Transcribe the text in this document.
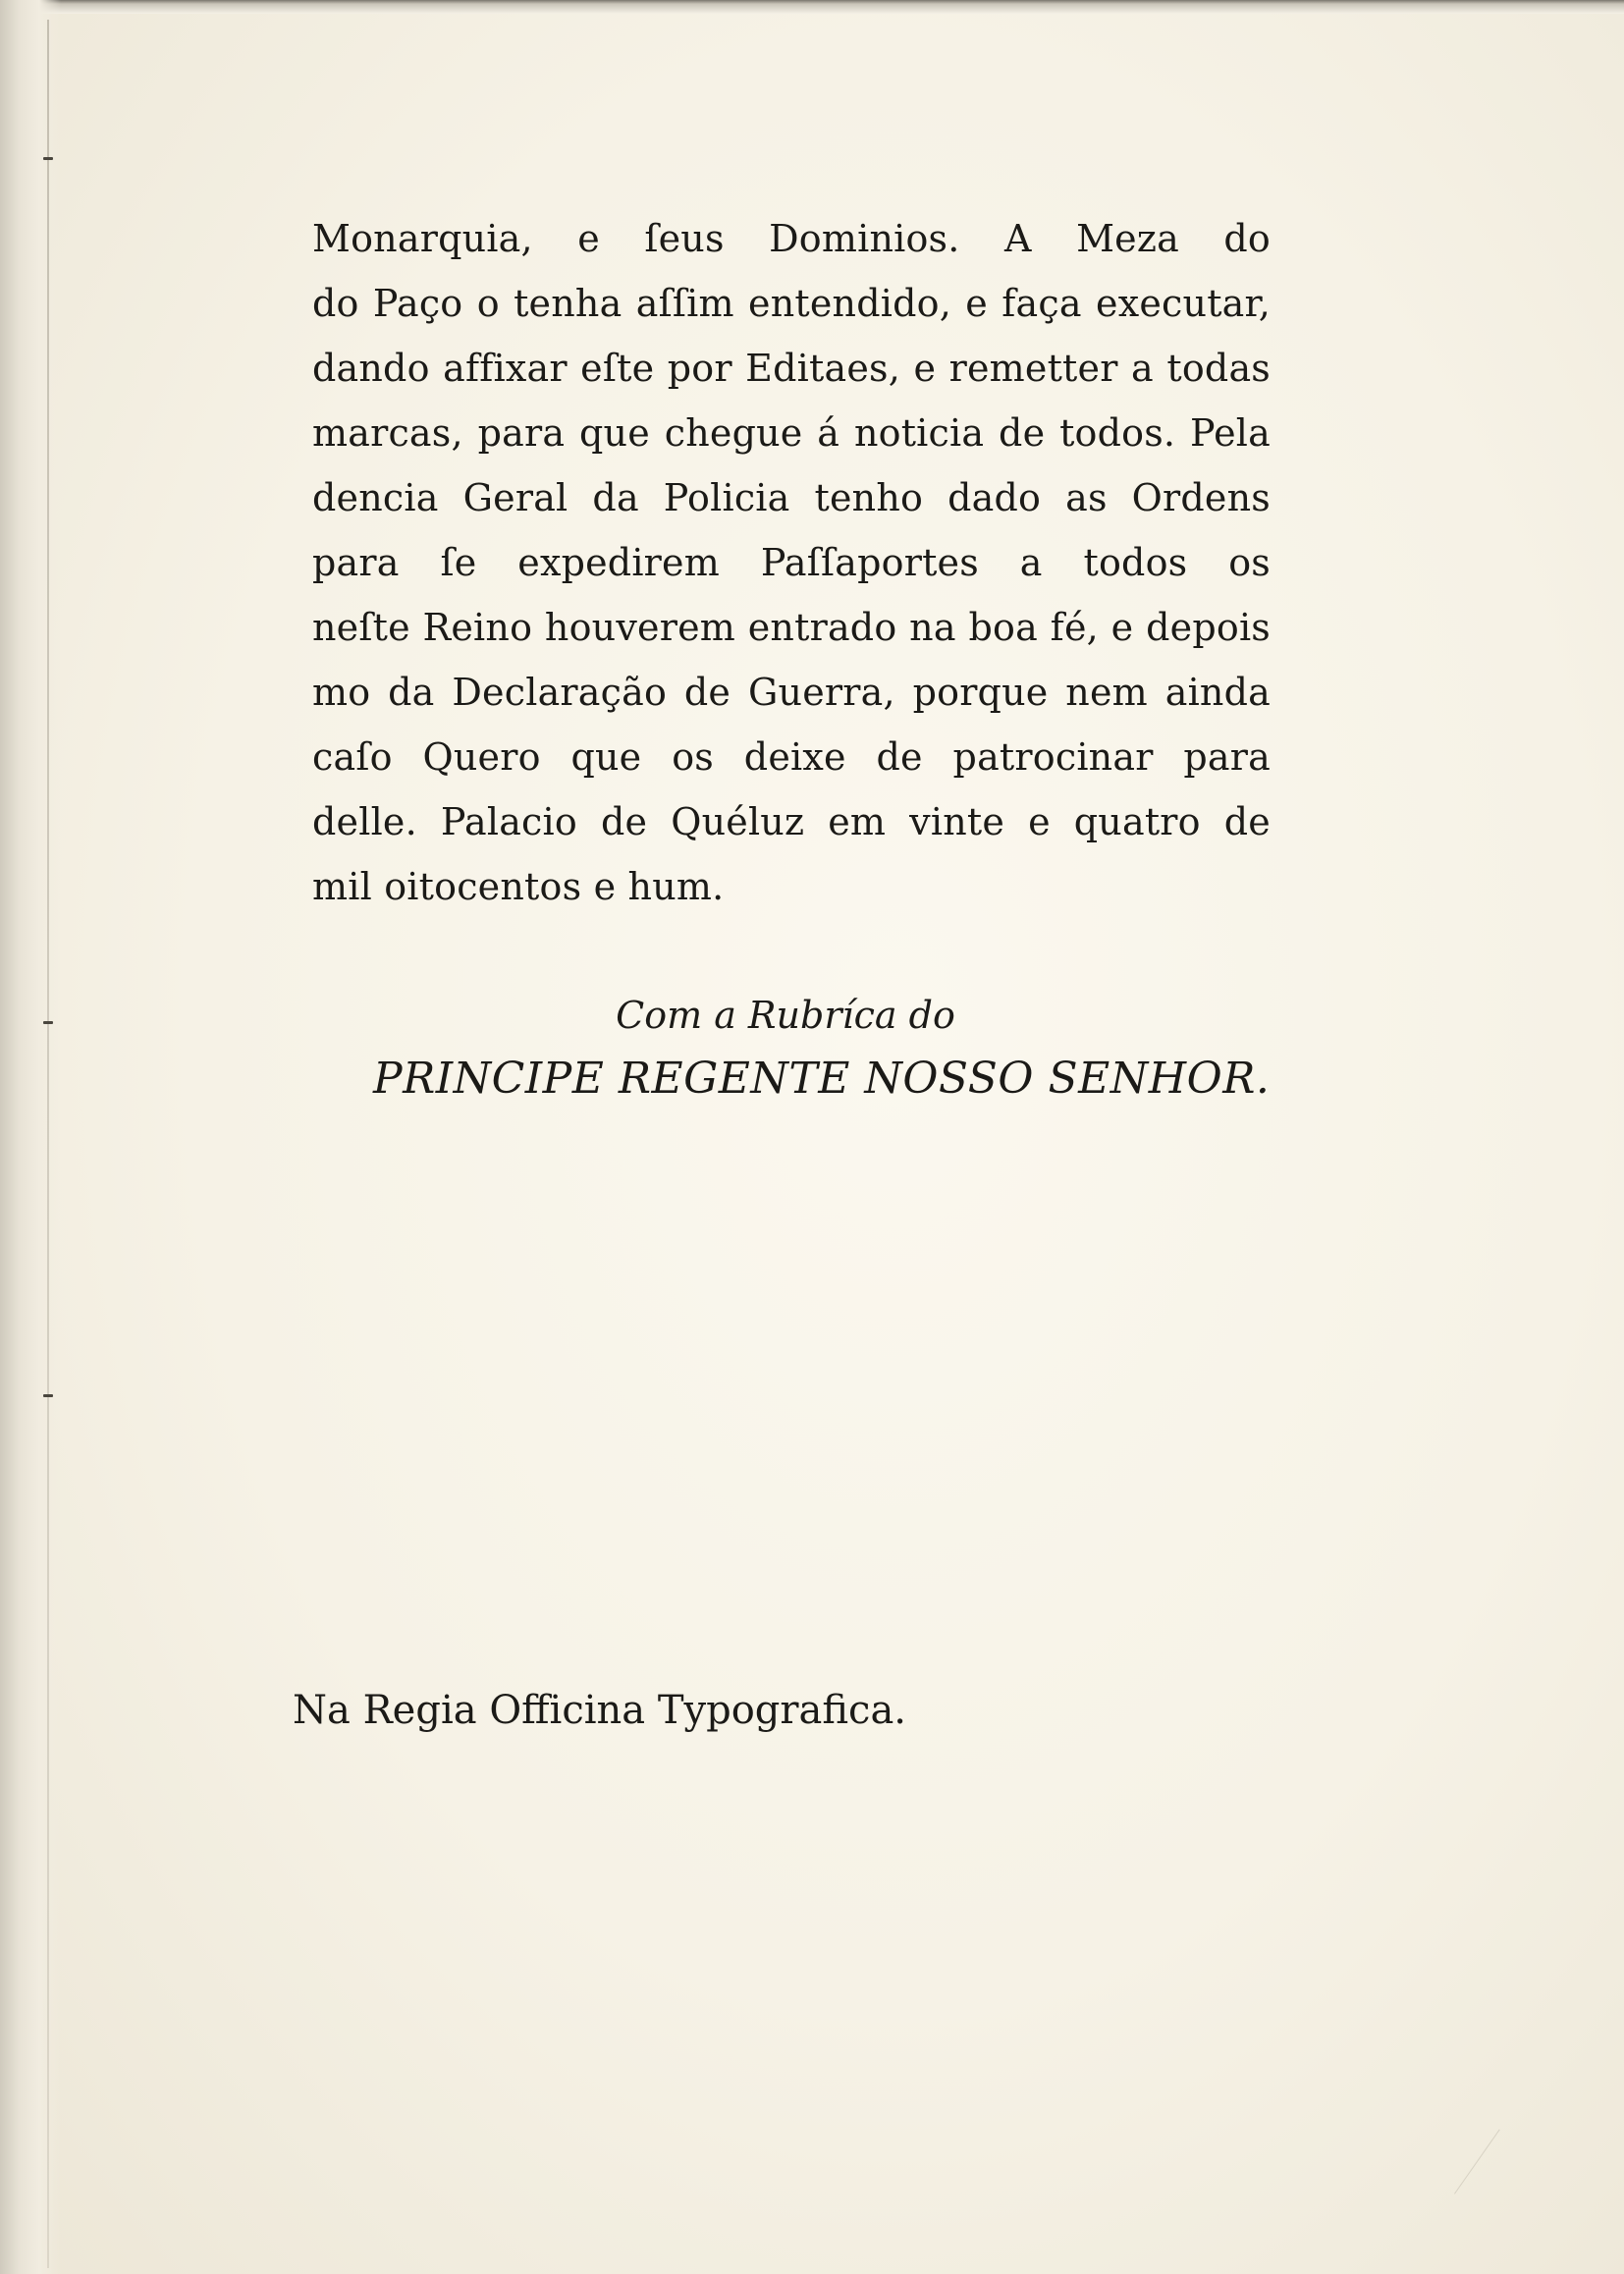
Monarquia, e ſeus Dominios. A Meza do
do Paço o tenha aſſim entendido, e faça executar,
dando affixar eſte por Editaes, e remetter a todas
marcas, para que chegue á noticia de todos. Pela
dencia Geral da Policia tenho dado as Ordens
para ſe expedirem Paſſaportes a todos os
neſte Reino houverem entrado na boa fé, e depois
mo da Declaração de Guerra, porque nem ainda
caſo Quero que os deixe de patrocinar para
delle. Palacio de Quéluz em vinte e quatro de
mil oitocentos e hum.
Com a Rubríca do
PRINCIPE REGENTE NOSSO SENHOR.
Na Regia Officina Typografica.
